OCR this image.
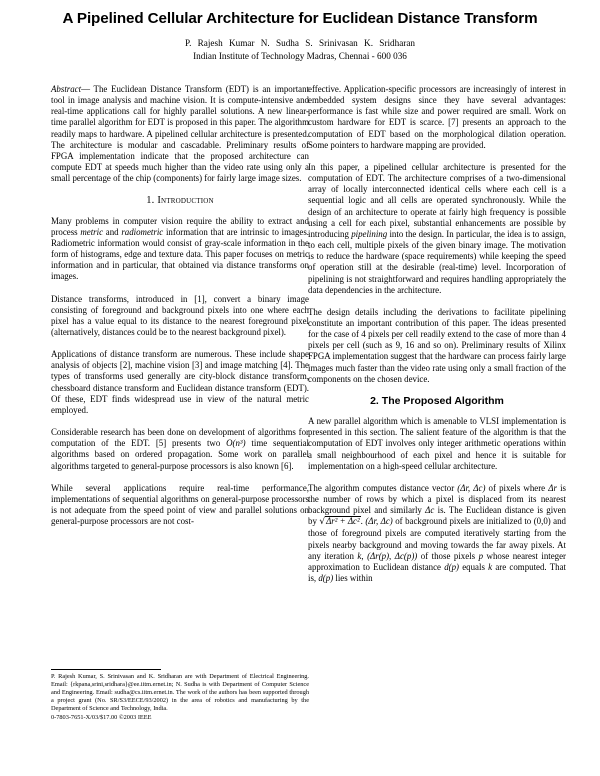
A Pipelined Cellular Architecture for Euclidean Distance Transform
P. Rajesh Kumar N. Sudha S. Srinivasan K. Sridharan
Indian Institute of Technology Madras, Chennai - 600 036

Abstract— The Euclidean Distance Transform (EDT) is an important tool in image analysis and machine vision. It is compute-intensive and real-time applications call for highly parallel solutions. A new linear-time parallel algorithm for EDT is proposed in this paper. The algorithm readily maps to hardware. A pipelined cellular architecture is presented. The architecture is modular and cascadable. Preliminary results of FPGA implementation indicate that the proposed architecture can compute EDT at speeds much higher than the video rate using only a small percentage of the chip (components) for fairly large image sizes.

1. Introduction

Many problems in computer vision require the ability to extract and process metric and radiometric information that are intrinsic to images. Radiometric information would consist of gray-scale information in the form of histograms, edge and texture data. This paper focuses on metric information and in particular, that obtained via distance transforms on images.

Distance transforms, introduced in [1], convert a binary image consisting of foreground and background pixels into one where each pixel has a value equal to its distance to the nearest foreground pixel (alternatively, distances could be to the nearest background pixel).

Applications of distance transform are numerous. These include shape analysis of objects [2], machine vision [3] and image matching [4]. The types of transforms used generally are city-block distance transform, chessboard distance transform and Euclidean distance transform (EDT). Of these, EDT finds widespread use in view of the natural metric employed.

Considerable research has been done on development of algorithms for computation of the EDT. [5] presents two O(n³) time sequential algorithms based on ordered propagation. Some work on parallel algorithms targeted to general-purpose processors is also known [6].

While several applications require real-time performance, implementations of sequential algorithms on general-purpose processors is not adequate from the speed point of view and parallel solutions on general-purpose processors are not cost-

effective. Application-specific processors are increasingly of interest in embedded system designs since they have several advantages: performance is fast while size and power required are small. Work on custom hardware for EDT is scarce. [7] presents an approach to the computation of EDT based on the morphological dilation operation. Some pointers to hardware mapping are provided.

In this paper, a pipelined cellular architecture is presented for the computation of EDT. The architecture comprises of a two-dimensional array of locally interconnected identical cells where each cell is a sequential logic and all cells are operated synchronously. While the design of an architecture to operate at fairly high frequency is possible using a cell for each pixel, substantial enhancements are possible by introducing pipelining into the design. In particular, the idea is to assign, to each cell, multiple pixels of the given binary image. The motivation is to reduce the hardware (space requirements) while keeping the speed of operation still at the desirable (real-time) level. Incorporation of pipelining is not straightforward and requires handling appropriately the data dependencies in the architecture.

The design details including the derivations to facilitate pipelining constitute an important contribution of this paper. The ideas presented for the case of 4 pixels per cell readily extend to the case of more than 4 pixels per cell (such as 9, 16 and so on). Preliminary results of Xilinx FPGA implementation suggest that the hardware can process fairly large images much faster than the video rate using only a small fraction of the components on the chosen device.

2. The Proposed Algorithm

A new parallel algorithm which is amenable to VLSI implementation is presented in this section. The salient feature of the algorithm is that the computation of EDT involves only integer arithmetic operations within a small neighbourhood of each pixel and hence it is suitable for implementation on a high-speed cellular architecture.

The algorithm computes distance vector (Δr, Δc) of pixels where Δr is the number of rows by which a pixel is displaced from its nearest background pixel and similarly Δc is. The Euclidean distance is given by √Δr² + Δc². (Δr, Δc) of background pixels are initialized to (0,0) and those of foreground pixels are computed iteratively starting from the pixels nearby background and moving towards the far away pixels. At any iteration k, (Δr(p), Δc(p)) of those pixels p whose nearest integer approximation to Euclidean distance d(p) equals k are computed. That is, d(p) lies within

P. Rajesh Kumar, S. Srinivasan and K. Sridharan are with Department of Electrical Engineering. Email: {rkpana,srini,sridhara}@ee.iitm.ernet.in; N. Sudha is with Department of Computer Science and Engineering. Email: sudha@cs.iitm.ernet.in. The work of the authors has been supported through a project grant (No. SR/S3/EECE/93/2002) in the area of robotics and manufacturing by the Department of Science and Technology, India.
0-7803-7651-X/03/$17.00 ©2003 IEEE
